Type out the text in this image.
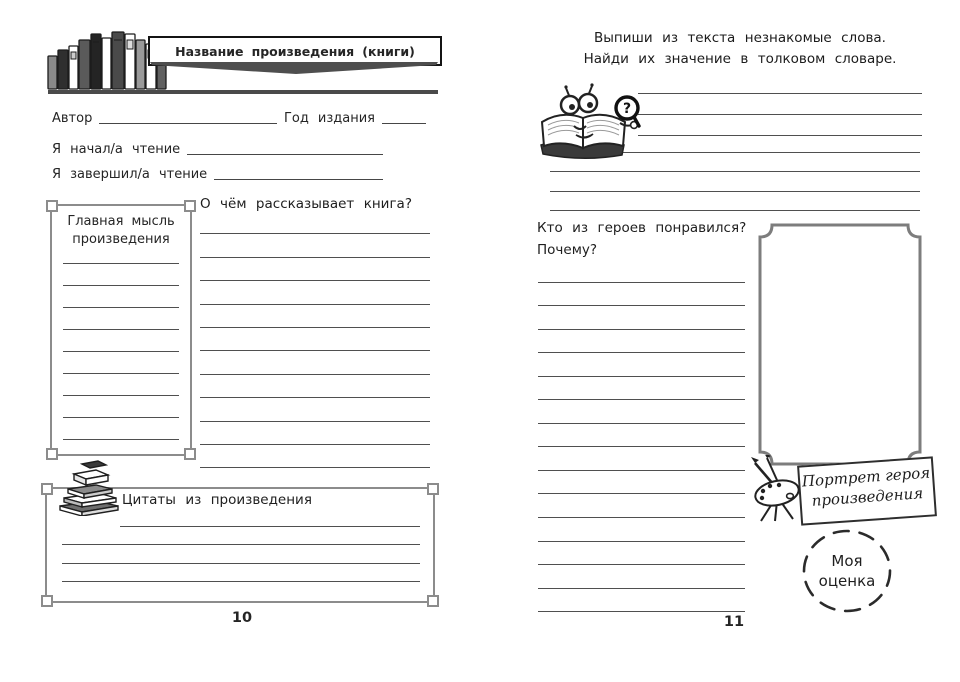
Название произведения (книги)
Автор	Год издания
Я начал/а чтение
Я завершил/а чтение
Главная мысль
произведения
О чём рассказывает книга?
Цитаты из произведения
10
Выпиши из текста незнакомые слова.
Найди их значение в толковом словаре.
?
Кто из героев понравился?
Почему?
Портрет героя
произведения
Моя
оценка
11
